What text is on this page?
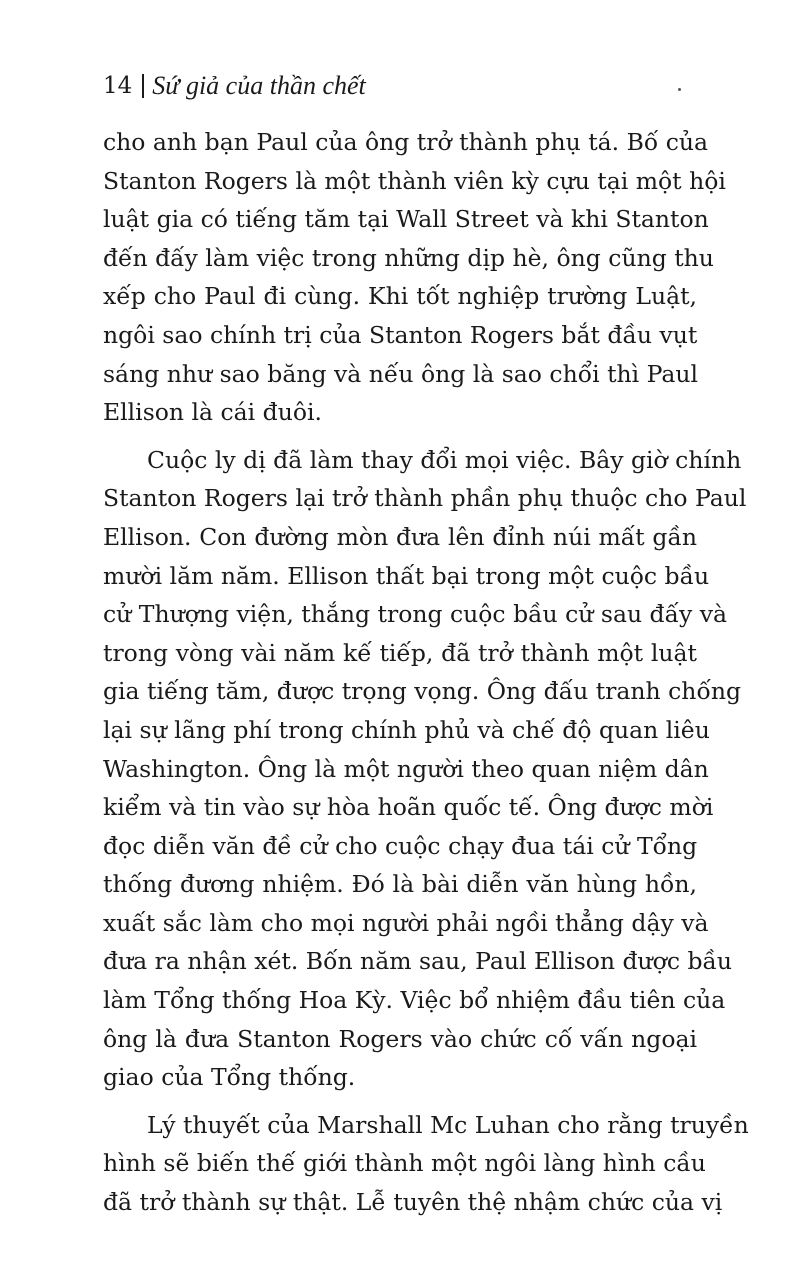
14 Sứ giả của thần chết
cho anh bạn Paul của ông trở thành phụ tá. Bố của
Stanton Rogers là một thành viên kỳ cựu tại một hội
luật gia có tiếng tăm tại Wall Street và khi Stanton
đến đấy làm việc trong những dịp hè, ông cũng thu
xếp cho Paul đi cùng. Khi tốt nghiệp trường Luật,
ngôi sao chính trị của Stanton Rogers bắt đầu vụt
sáng như sao băng và nếu ông là sao chổi thì Paul
Ellison là cái đuôi.
Cuộc ly dị đã làm thay đổi mọi việc. Bây giờ chính
Stanton Rogers lại trở thành phần phụ thuộc cho Paul
Ellison. Con đường mòn đưa lên đỉnh núi mất gần
mười lăm năm. Ellison thất bại trong một cuộc bầu
cử Thượng viện, thắng trong cuộc bầu cử sau đấy và
trong vòng vài năm kế tiếp, đã trở thành một luật
gia tiếng tăm, được trọng vọng. Ông đấu tranh chống
lại sự lãng phí trong chính phủ và chế độ quan liêu
Washington. Ông là một người theo quan niệm dân
kiểm và tin vào sự hòa hoãn quốc tế. Ông được mời
đọc diễn văn đề cử cho cuộc chạy đua tái cử Tổng
thống đương nhiệm. Đó là bài diễn văn hùng hồn,
xuất sắc làm cho mọi người phải ngồi thẳng dậy và
đưa ra nhận xét. Bốn năm sau, Paul Ellison được bầu
làm Tổng thống Hoa Kỳ. Việc bổ nhiệm đầu tiên của
ông là đưa Stanton Rogers vào chức cố vấn ngoại
giao của Tổng thống.
Lý thuyết của Marshall Mc Luhan cho rằng truyền
hình sẽ biến thế giới thành một ngôi làng hình cầu
đã trở thành sự thật. Lễ tuyên thệ nhậm chức của vị
